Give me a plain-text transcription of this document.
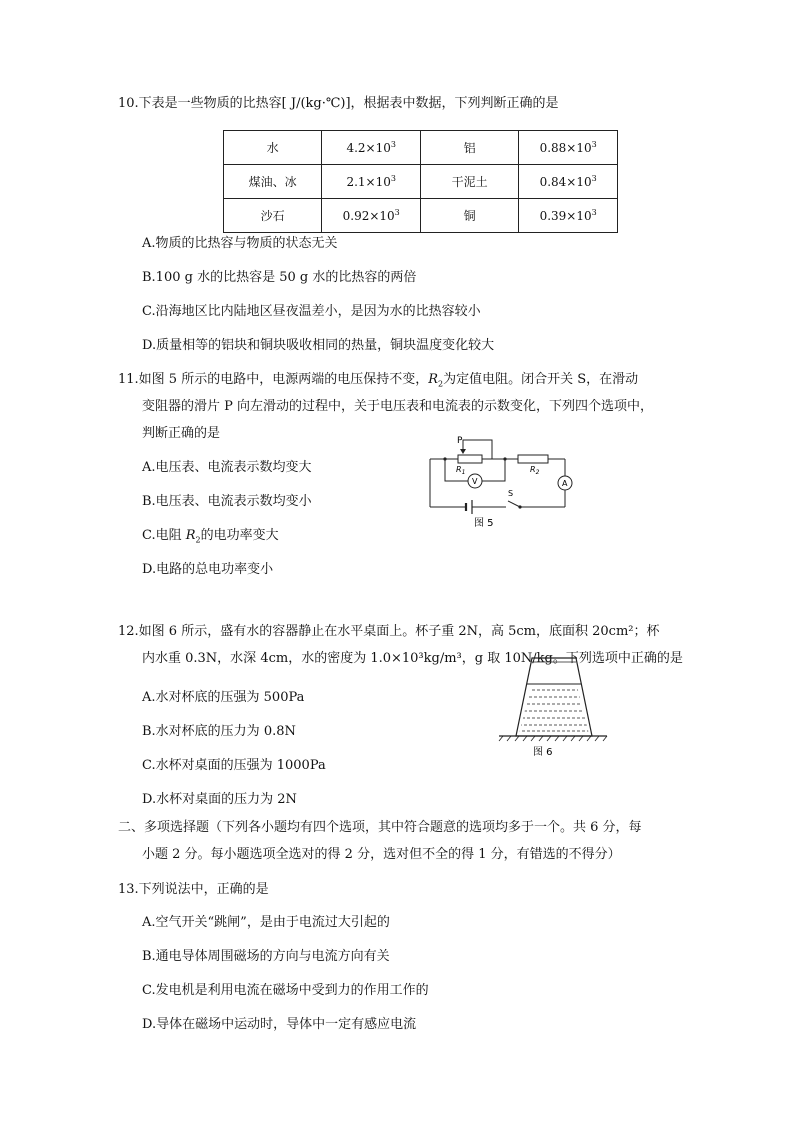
10.下表是一些物质的比热容[ J/(kg·℃)]，根据表中数据，下列判断正确的是
水	$4.2\times 10^3$	铝	$0.88\times 10^3$
煤油、冰	$2.1\times 10^3$	干泥土	$0.84\times 10^3$
沙石	$0.92\times 10^3$	铜	$0.39\times 10^3$
A.物质的比热容与物质的状态无关
B.100 g 水的比热容是 50 g 水的比热容的两倍
C.沿海地区比内陆地区昼夜温差小，是因为水的比热容较小
D.质量相等的铝块和铜块吸收相同的热量，铜块温度变化较大
11.如图 5 所示的电路中，电源两端的电压保持不变，$R_2$为定值电阻。闭合开关 S，在滑动
变阻器的滑片 P 向左滑动的过程中，关于电压表和电流表的示数变化，下列四个选项中，
判断正确的是
A.电压表、电流表示数均变大
B.电压表、电流表示数均变小
C.电阻 $R_2$的电功率变大
D.电路的总电功率变小
P
$R_1$	$R_2$
V	A
S
图 5
12.如图 6 所示，盛有水的容器静止在水平桌面上。杯子重 2N，高 5cm，底面积 20cm²；杯
内水重 0.3N，水深 4cm，水的密度为 1.0×10³kg/m³，g 取 10N/kg。下列选项中正确的是
A.水对杯底的压强为 500Pa
B.水对杯底的压力为 0.8N
C.水杯对桌面的压强为 1000Pa
D.水杯对桌面的压力为 2N
图 6
二、多项选择题（下列各小题均有四个选项，其中符合题意的选项均多于一个。共 6 分，每
小题 2 分。每小题选项全选对的得 2 分，选对但不全的得 1 分，有错选的不得分）
13.下列说法中，正确的是
A.空气开关“跳闸”，是由于电流过大引起的
B.通电导体周围磁场的方向与电流方向有关
C.发电机是利用电流在磁场中受到力的作用工作的
D.导体在磁场中运动时，导体中一定有感应电流
